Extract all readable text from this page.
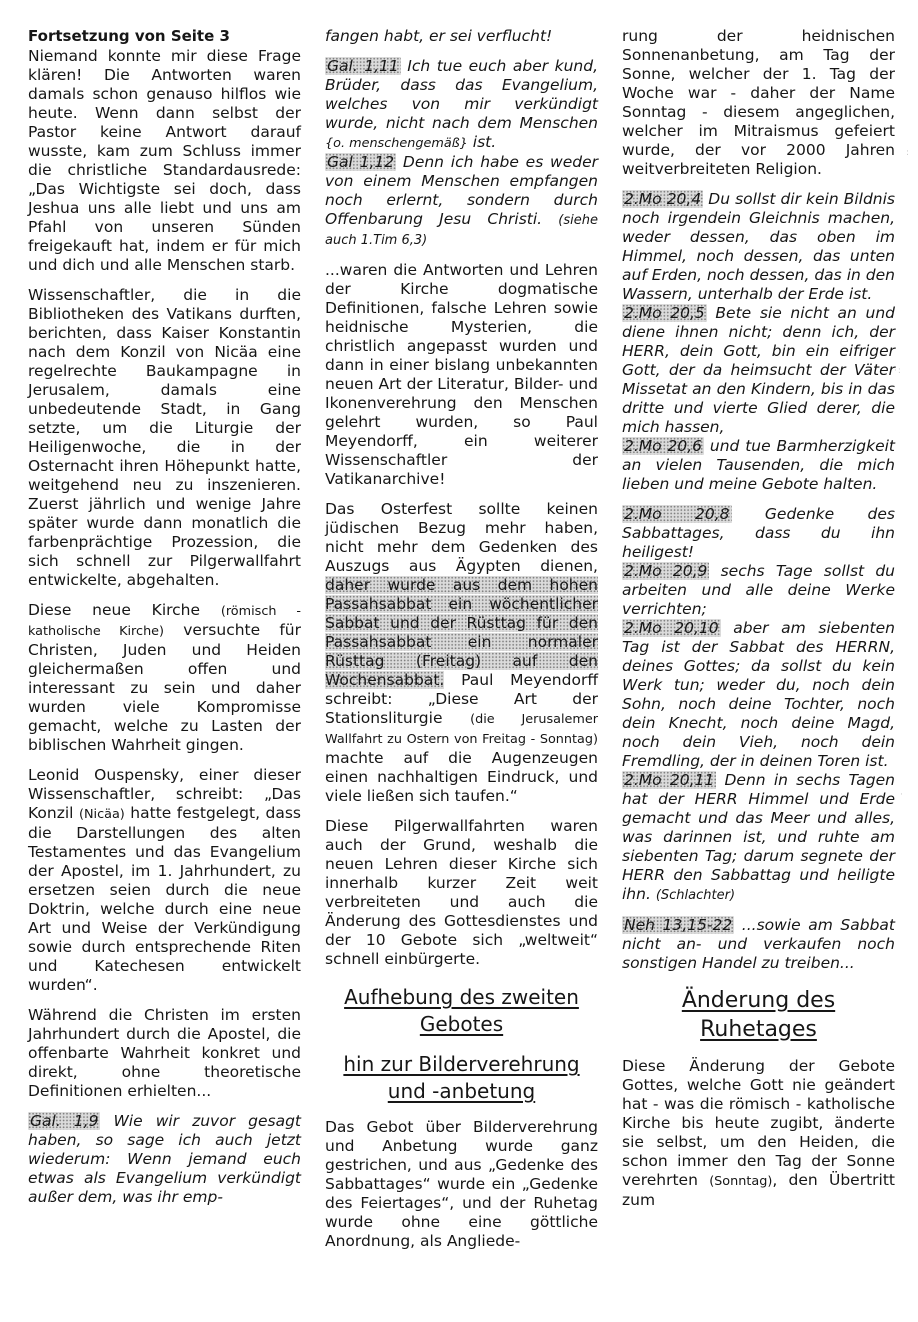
Fortsetzung von Seite 3
Niemand konnte mir diese Frage klären! Die Antworten waren damals schon genauso hilflos wie heute. Wenn dann selbst der Pastor keine Antwort darauf wusste, kam zum Schluss immer die christliche Standardausrede: „Das Wichtigste sei doch, dass Jeshua uns alle liebt und uns am Pfahl von unseren Sünden freigekauft hat, indem er für mich und dich und alle Menschen starb.
Wissenschaftler, die in die Bibliotheken des Vatikans durften, berichten, dass Kaiser Konstantin nach dem Konzil von Nicäa eine regelrechte Baukampagne in Jerusalem, damals eine unbedeutende Stadt, in Gang setzte, um die Liturgie der Heiligenwoche, die in der Osternacht ihren Höhepunkt hatte, weitgehend neu zu inszenieren. Zuerst jährlich und wenige Jahre später wurde dann monatlich die farbenprächtige Prozession, die sich schnell zur Pilgerwallfahrt entwickelte, abgehalten.
Diese neue Kirche (römisch - katholische Kirche) versuchte für Christen, Juden und Heiden gleichermaßen offen und interessant zu sein und daher wurden viele Kompromisse gemacht, welche zu Lasten der biblischen Wahrheit gingen.
Leonid Ouspensky, einer dieser Wissenschaftler, schreibt: „Das Konzil (Nicäa) hatte festgelegt, dass die Darstellungen des alten Testamentes und das Evangelium der Apostel, im 1. Jahrhundert, zu ersetzen seien durch die neue Doktrin, welche durch eine neue Art und Weise der Verkündigung sowie durch entsprechende Riten und Katechesen entwickelt wurden“.
Während die Christen im ersten Jahrhundert durch die Apostel, die offenbarte Wahrheit konkret und direkt, ohne theoretische Definitionen erhielten...
Gal. 1,9 Wie wir zuvor gesagt haben, so sage ich auch jetzt wiederum: Wenn jemand euch etwas als Evangelium verkündigt außer dem, was ihr emp-
fangen habt, er sei verflucht!
Gal. 1,11 Ich tue euch aber kund, Brüder, dass das Evangelium, welches von mir verkündigt wurde, nicht nach dem Menschen {o. menschengemäß} ist.
Gal 1,12 Denn ich habe es weder von einem Menschen empfangen noch erlernt, sondern durch Offenbarung Jesu Christi. (siehe auch 1.Tim 6,3)
...waren die Antworten und Lehren der Kirche dogmatische Definitionen, falsche Lehren sowie heidnische Mysterien, die christlich angepasst wurden und dann in einer bislang unbekannten neuen Art der Literatur, Bilder- und Ikonenverehrung den Menschen gelehrt wurden, so Paul Meyendorff, ein weiterer Wissenschaftler der Vatikanarchive!
Das Osterfest sollte keinen jüdischen Bezug mehr haben, nicht mehr dem Gedenken des Auszugs aus Ägypten dienen, daher wurde aus dem hohen Passahsabbat ein wöchentlicher Sabbat und der Rüsttag für den Passahsabbat ein normaler Rüsttag (Freitag) auf den Wochensabbat. Paul Meyendorff schreibt: „Diese Art der Stationsliturgie (die Jerusalemer Wallfahrt zu Ostern von Freitag - Sonntag) machte auf die Augenzeugen einen nachhaltigen Eindruck, und viele ließen sich taufen.“
Diese Pilgerwallfahrten waren auch der Grund, weshalb die neuen Lehren dieser Kirche sich innerhalb kurzer Zeit weit verbreiteten und auch die Änderung des Gottesdienstes und der 10 Gebote sich „weltweit“ schnell einbürgerte.
Aufhebung des zweiten Gebotes
hin zur Bilderverehrung und -anbetung
Das Gebot über Bilderverehrung und Anbetung wurde ganz gestrichen, und aus „Gedenke des Sabbattages“ wurde ein „Gedenke des Feiertages“, und der Ruhetag wurde ohne eine göttliche Anordnung, als Angliede-
rung der heidnischen Sonnenanbetung, am Tag der Sonne, welcher der 1. Tag der Woche war - daher der Name Sonntag - diesem angeglichen, welcher im Mitraismus gefeiert wurde, der vor 2000 Jahren weitverbreiteten Religion.
2.Mo 20,4 Du sollst dir kein Bildnis noch irgendein Gleichnis machen, weder dessen, das oben im Himmel, noch dessen, das unten auf Erden, noch dessen, das in den Wassern, unterhalb der Erde ist.
2.Mo 20,5 Bete sie nicht an und diene ihnen nicht; denn ich, der HERR, dein Gott, bin ein eifriger Gott, der da heimsucht der Väter Missetat an den Kindern, bis in das dritte und vierte Glied derer, die mich hassen,
2.Mo 20,6 und tue Barmherzigkeit an vielen Tausenden, die mich lieben und meine Gebote halten.
2.Mo 20,8 Gedenke des Sabbattages, dass du ihn heiligest!
2.Mo 20,9 sechs Tage sollst du arbeiten und alle deine Werke verrichten;
2.Mo 20,10 aber am siebenten Tag ist der Sabbat des HERRN, deines Gottes; da sollst du kein Werk tun; weder du, noch dein Sohn, noch deine Tochter, noch dein Knecht, noch deine Magd, noch dein Vieh, noch dein Fremdling, der in deinen Toren ist.
2.Mo 20,11 Denn in sechs Tagen hat der HERR Himmel und Erde gemacht und das Meer und alles, was darinnen ist, und ruhte am siebenten Tag; darum segnete der HERR den Sabbattag und heiligte ihn. (Schlachter)
Neh 13,15-22 ...sowie am Sabbat nicht an- und verkaufen noch sonstigen Handel zu treiben...
Änderung des Ruhetages
Diese Änderung der Gebote Gottes, welche Gott nie geändert hat - was die römisch - katholische Kirche bis heute zugibt, änderte sie selbst, um den Heiden, die schon immer den Tag der Sonne verehrten (Sonntag), den Übertritt zum
·:
·
:
